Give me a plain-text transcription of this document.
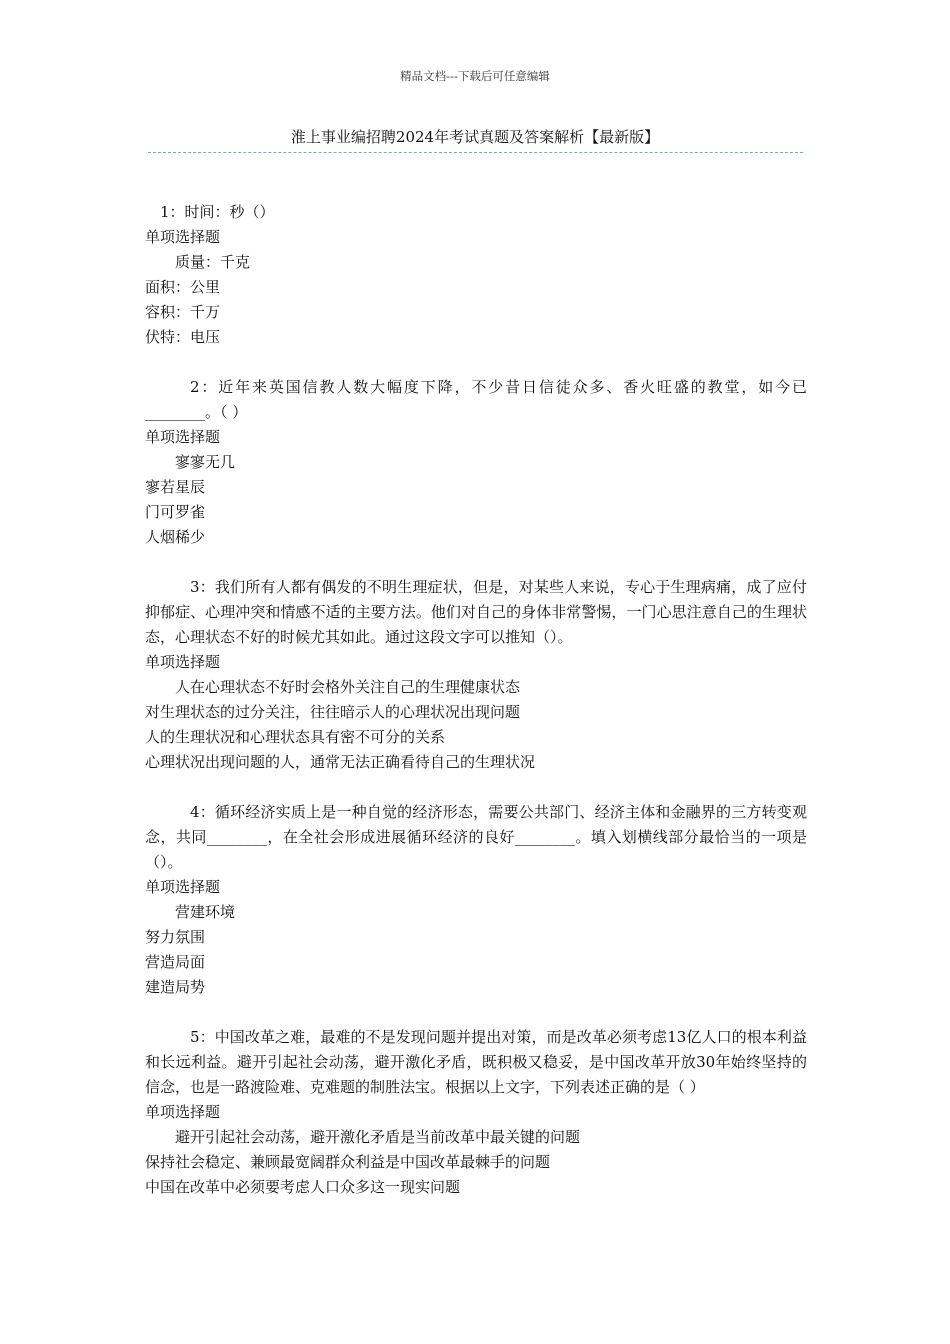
精品文档---下载后可任意编辑
淮上事业编招聘2024年考试真题及答案解析【最新版】

1：时间：秒（）

单项选择题

质量：千克

面积：公里

容积：千万

伏特：电压

2：近年来英国信教人数大幅度下降，不少昔日信徒众多、香火旺盛的教堂，如今已________。（ ）

单项选择题

寥寥无几

寥若星辰

门可罗雀

人烟稀少

3：我们所有人都有偶发的不明生理症状，但是，对某些人来说，专心于生理病痛，成了应付抑郁症、心理冲突和情感不适的主要方法。他们对自己的身体非常警惕，一门心思注意自己的生理状态，心理状态不好的时候尤其如此。通过这段文字可以推知（）。

单项选择题

人在心理状态不好时会格外关注自己的生理健康状态

对生理状态的过分关注，往往暗示人的心理状况出现问题

人的生理状况和心理状态具有密不可分的关系

心理状况出现问题的人，通常无法正确看待自己的生理状况

4：循环经济实质上是一种自觉的经济形态，需要公共部门、经济主体和金融界的三方转变观念，共同________，在全社会形成进展循环经济的良好________。填入划横线部分最恰当的一项是（）。

单项选择题

营建环境

努力氛围

营造局面

建造局势

5：中国改革之难，最难的不是发现问题并提出对策，而是改革必须考虑13亿人口的根本利益和长远利益。避开引起社会动荡，避开激化矛盾，既积极又稳妥，是中国改革开放30年始终坚持的信念，也是一路渡险难、克难题的制胜法宝。根据以上文字，下列表述正确的是（ ）

单项选择题

避开引起社会动荡，避开激化矛盾是当前改革中最关键的问题

保持社会稳定、兼顾最宽阔群众利益是中国改革最棘手的问题

中国在改革中必须要考虑人口众多这一现实问题
